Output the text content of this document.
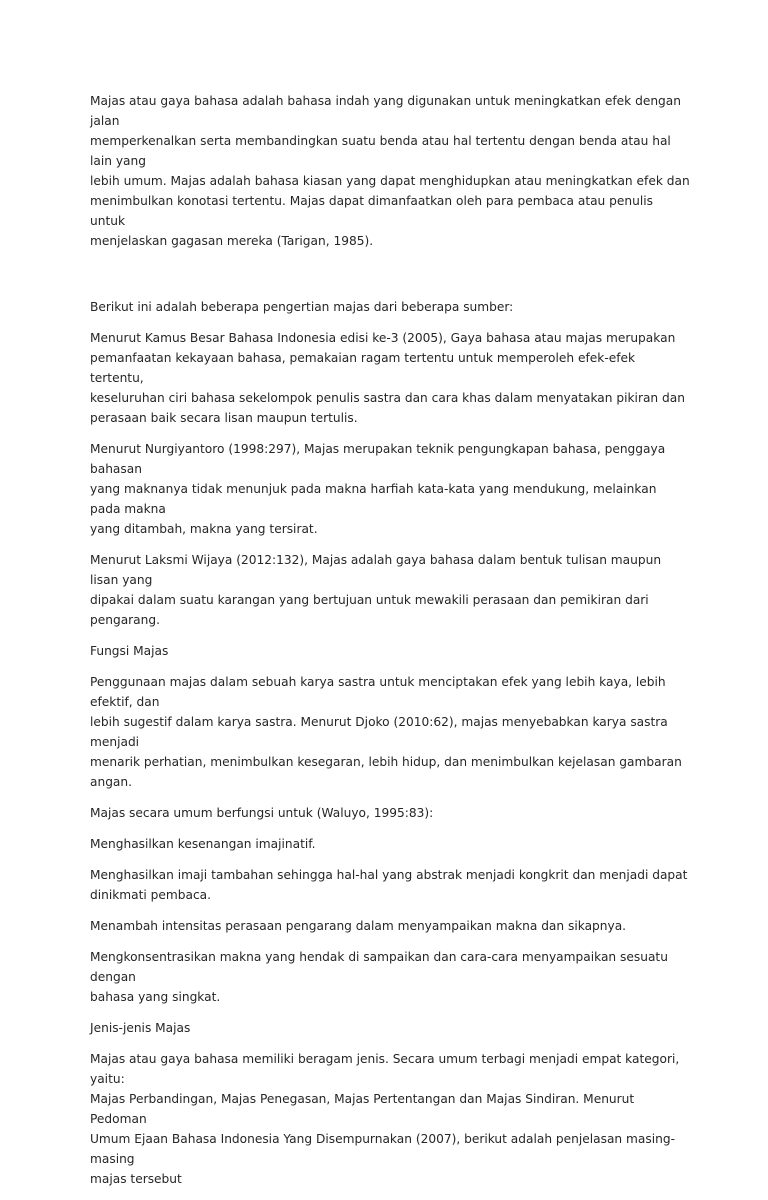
Majas atau gaya bahasa adalah bahasa indah yang digunakan untuk meningkatkan efek dengan jalan
memperkenalkan serta membandingkan suatu benda atau hal tertentu dengan benda atau hal lain yang
lebih umum. Majas adalah bahasa kiasan yang dapat menghidupkan atau meningkatkan efek dan
menimbulkan konotasi tertentu. Majas dapat dimanfaatkan oleh para pembaca atau penulis untuk
menjelaskan gagasan mereka (Tarigan, 1985).

Berikut ini adalah beberapa pengertian majas dari beberapa sumber:

Menurut Kamus Besar Bahasa Indonesia edisi ke-3 (2005), Gaya bahasa atau majas merupakan
pemanfaatan kekayaan bahasa, pemakaian ragam tertentu untuk memperoleh efek-efek tertentu,
keseluruhan ciri bahasa sekelompok penulis sastra dan cara khas dalam menyatakan pikiran dan
perasaan baik secara lisan maupun tertulis.

Menurut Nurgiyantoro (1998:297), Majas merupakan teknik pengungkapan bahasa, penggaya bahasan
yang maknanya tidak menunjuk pada makna harfiah kata-kata yang mendukung, melainkan pada makna
yang ditambah, makna yang tersirat.

Menurut Laksmi Wijaya (2012:132), Majas adalah gaya bahasa dalam bentuk tulisan maupun lisan yang
dipakai dalam suatu karangan yang bertujuan untuk mewakili perasaan dan pemikiran dari pengarang.

Fungsi Majas

Penggunaan majas dalam sebuah karya sastra untuk menciptakan efek yang lebih kaya, lebih efektif, dan
lebih sugestif dalam karya sastra. Menurut Djoko (2010:62), majas menyebabkan karya sastra menjadi
menarik perhatian, menimbulkan kesegaran, lebih hidup, dan menimbulkan kejelasan gambaran angan.

Majas secara umum berfungsi untuk (Waluyo, 1995:83):

Menghasilkan kesenangan imajinatif.

Menghasilkan imaji tambahan sehingga hal-hal yang abstrak menjadi kongkrit dan menjadi dapat
dinikmati pembaca.

Menambah intensitas perasaan pengarang dalam menyampaikan makna dan sikapnya.

Mengkonsentrasikan makna yang hendak di sampaikan dan cara-cara menyampaikan sesuatu dengan
bahasa yang singkat.

Jenis-jenis Majas

Majas atau gaya bahasa memiliki beragam jenis. Secara umum terbagi menjadi empat kategori, yaitu:
Majas Perbandingan, Majas Penegasan, Majas Pertentangan dan Majas Sindiran. Menurut Pedoman
Umum Ejaan Bahasa Indonesia Yang Disempurnakan (2007), berikut adalah penjelasan masing-masing
majas tersebut
